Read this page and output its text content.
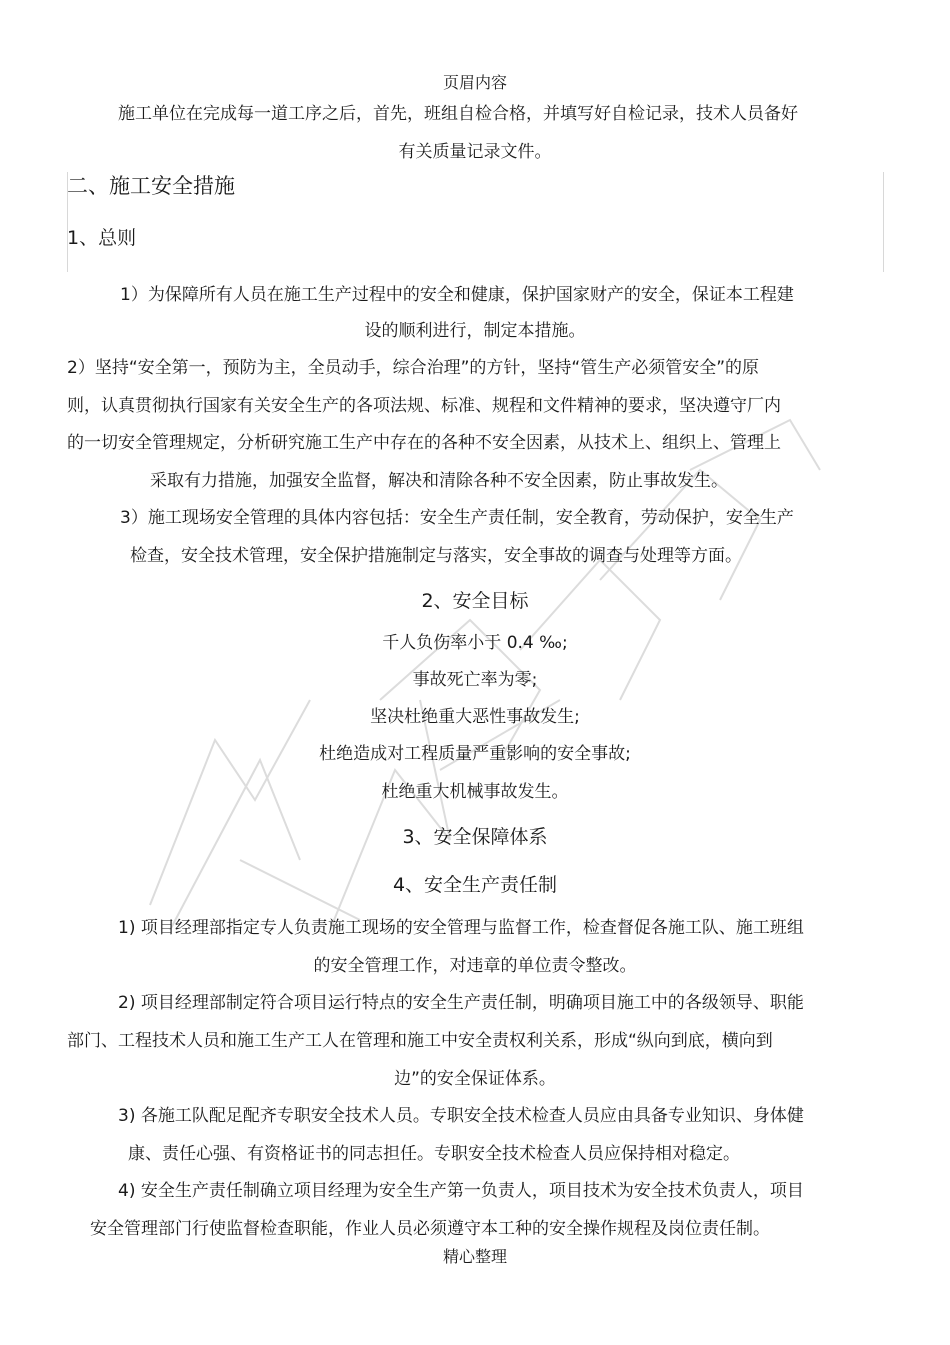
页眉内容
施工单位在完成每一道工序之后，首先，班组自检合格，并填写好自检记录，技术人员备好
有关质量记录文件。
二、施工安全措施
1、总则
1）为保障所有人员在施工生产过程中的安全和健康，保护国家财产的安全，保证本工程建
设的顺利进行，制定本措施。
2）坚持“安全第一，预防为主，全员动手，综合治理”的方针，坚持“管生产必须管安全”的原
则，认真贯彻执行国家有关安全生产的各项法规、标准、规程和文件精神的要求，坚决遵守厂内
的一切安全管理规定，分析研究施工生产中存在的各种不安全因素，从技术上、组织上、管理上
采取有力措施，加强安全监督，解决和清除各种不安全因素，防止事故发生。
3）施工现场安全管理的具体内容包括：安全生产责任制，安全教育，劳动保护，安全生产
检查，安全技术管理，安全保护措施制定与落实，安全事故的调查与处理等方面。
2、安全目标
千人负伤率小于 0.4 ‰;
事故死亡率为零;
坚决杜绝重大恶性事故发生;
杜绝造成对工程质量严重影响的安全事故;
杜绝重大机械事故发生。
3、安全保障体系
4、安全生产责任制
1) 项目经理部指定专人负责施工现场的安全管理与监督工作，检查督促各施工队、施工班组
的安全管理工作，对违章的单位责令整改。
2) 项目经理部制定符合项目运行特点的安全生产责任制，明确项目施工中的各级领导、职能
部门、工程技术人员和施工生产工人在管理和施工中安全责权利关系，形成“纵向到底，横向到
边”的安全保证体系。
3) 各施工队配足配齐专职安全技术人员。专职安全技术检查人员应由具备专业知识、身体健
康、责任心强、有资格证书的同志担任。专职安全技术检查人员应保持相对稳定。
4) 安全生产责任制确立项目经理为安全生产第一负责人，项目技术为安全技术负责人，项目
安全管理部门行使监督检查职能，作业人员必须遵守本工种的安全操作规程及岗位责任制。
精心整理
